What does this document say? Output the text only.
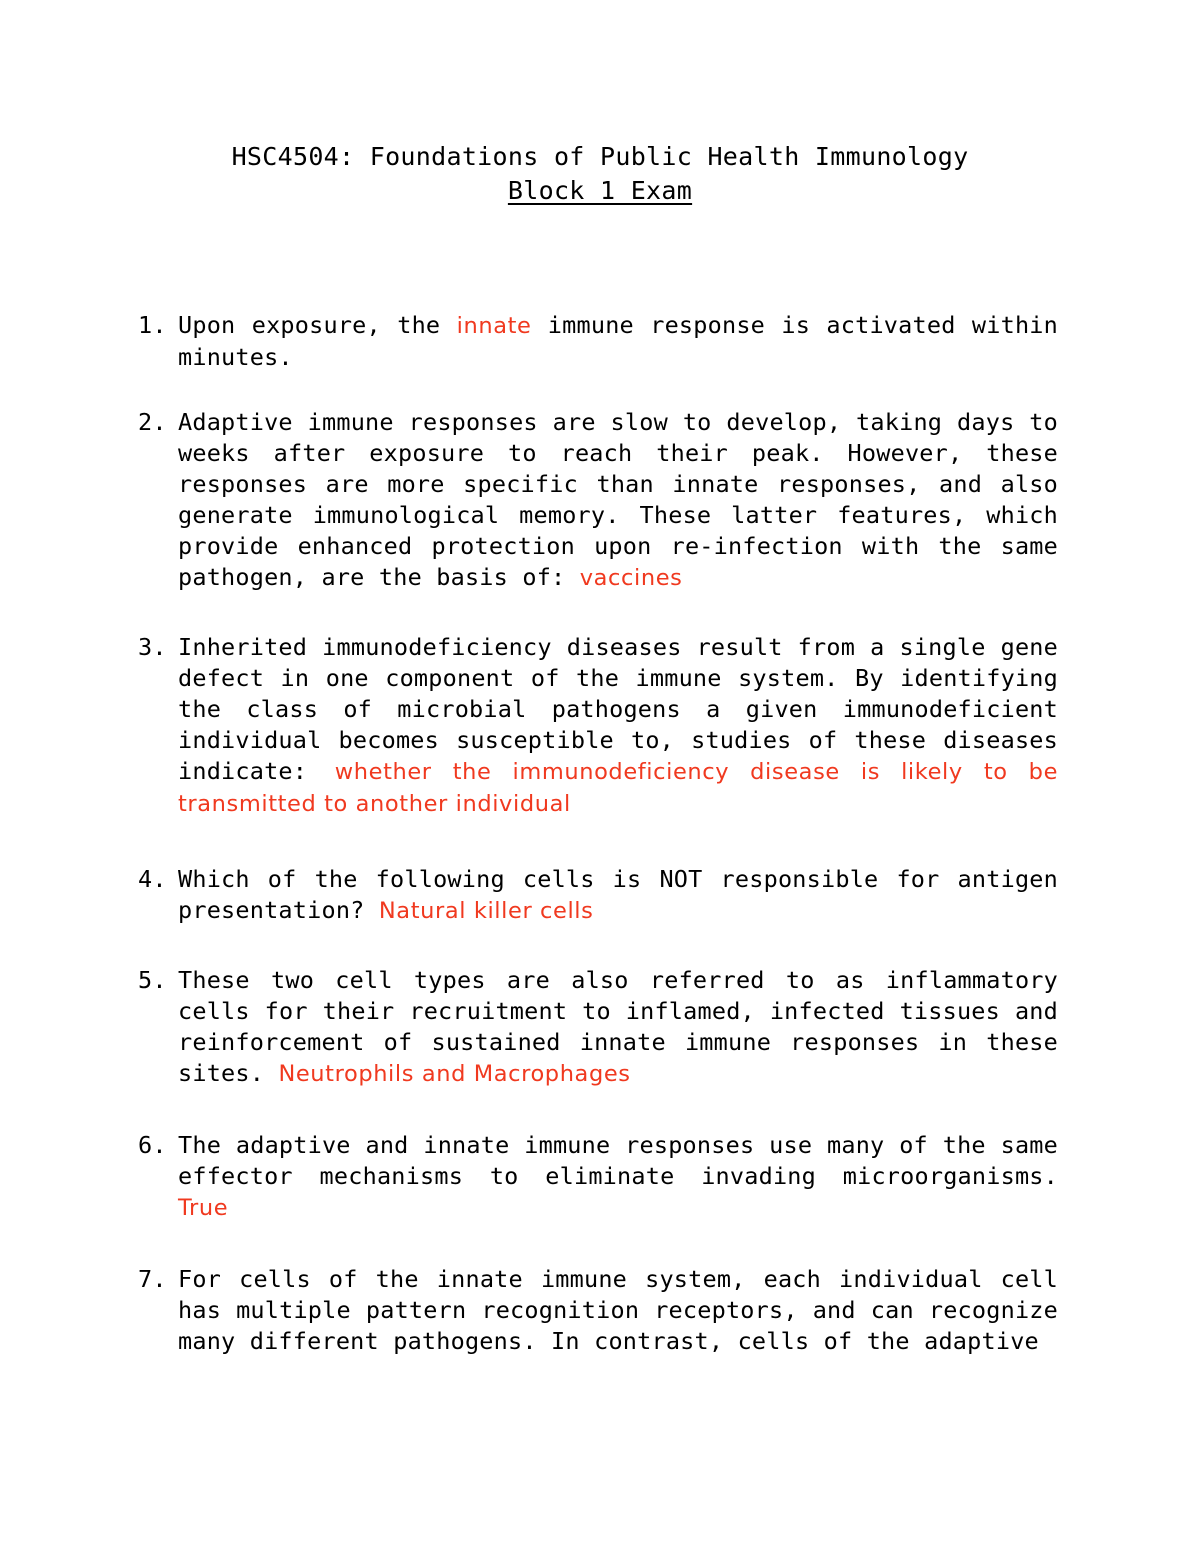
HSC4504: Foundations of Public Health Immunology
Block 1 Exam
1. Upon exposure, the innate immune response is activated within minutes.
2. Adaptive immune responses are slow to develop, taking days to weeks after exposure to reach their peak. However, these responses are more specific than innate responses, and also generate immunological memory. These latter features, which provide enhanced protection upon re-infection with the same pathogen, are the basis of: vaccines
3. Inherited immunodeficiency diseases result from a single gene defect in one component of the immune system. By identifying the class of microbial pathogens a given immunodeficient individual becomes susceptible to, studies of these diseases indicate: whether the immunodeficiency disease is likely to be transmitted to another individual
4. Which of the following cells is NOT responsible for antigen presentation? Natural killer cells
5. These two cell types are also referred to as inflammatory cells for their recruitment to inflamed, infected tissues and reinforcement of sustained innate immune responses in these sites. Neutrophils and Macrophages
6. The adaptive and innate immune responses use many of the same effector mechanisms to eliminate invading microorganisms. True
7. For cells of the innate immune system, each individual cell has multiple pattern recognition receptors, and can recognize many different pathogens. In contrast, cells of the adaptive
